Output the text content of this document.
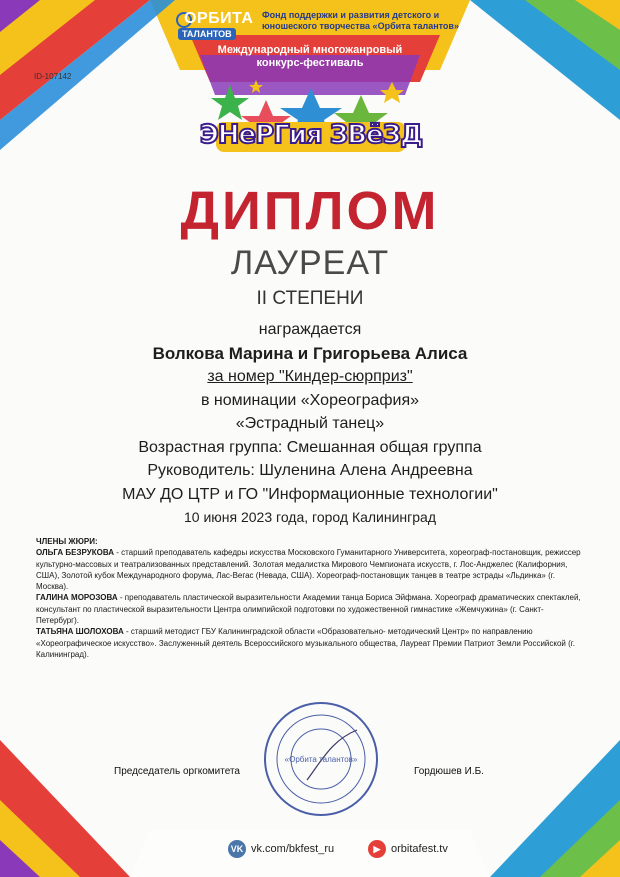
ОРБИТА
ТАЛАНТОВ
Фонд поддержки и развития детского и юношеского творчества «Орбита талантов»
Международный многожанровый
конкурс-фестиваль
ID-107142
ЭНеРГия ЗВёЗД
ДИПЛОМ
ЛАУРЕАТ
II СТЕПЕНИ
награждается
Волкова Марина и Григорьева Алиса
за номер "Киндер-сюрприз"
в номинации «Хореография»
«Эстрадный танец»
Возрастная группа: Смешанная общая группа
Руководитель: Шуленина Алена Андреевна
МАУ ДО ЦТР и ГО "Информационные технологии"
10 июня 2023 года, город Калининград

ЧЛЕНЫ ЖЮРИ:

ОЛЬГА БЕЗРУКОВА - старший преподаватель кафедры искусства Московского Гуманитарного Университета, хореограф-постановщик, режиссер культурно-массовых и театрализованных представлений. Золотая медалистка Мирового Чемпионата искусств, г. Лос-Анджелес (Калифорния, США), Золотой кубок Международного форума, Лас-Вегас (Невада, США). Хореограф-постановщик танцев в театре эстрады «Льдинка» (г. Москва).

ГАЛИНА МОРОЗОВА - преподаватель пластической выразительности Академии танца Бориса Эйфмана. Хореограф драматических спектаклей, консультант по пластической выразительности Центра олимпийской подготовки по художественной гимнастике «Жемчужина» (г. Санкт-Петербург).

ТАТЬЯНА ШОЛОХОВА - старший методист ГБУ Калининградской области «Образовательно- методический Центр» по направлению «Хореографическое искусство». Заслуженный деятель Всероссийского музыкального общества, Лауреат Премии Патриот Земли Российской (г. Калининград).

Председатель оргкомитета
«Орбита талантов»
Гордюшев И.Б.
VK vk.com/bkfest_ru	▶ orbitafest.tv
